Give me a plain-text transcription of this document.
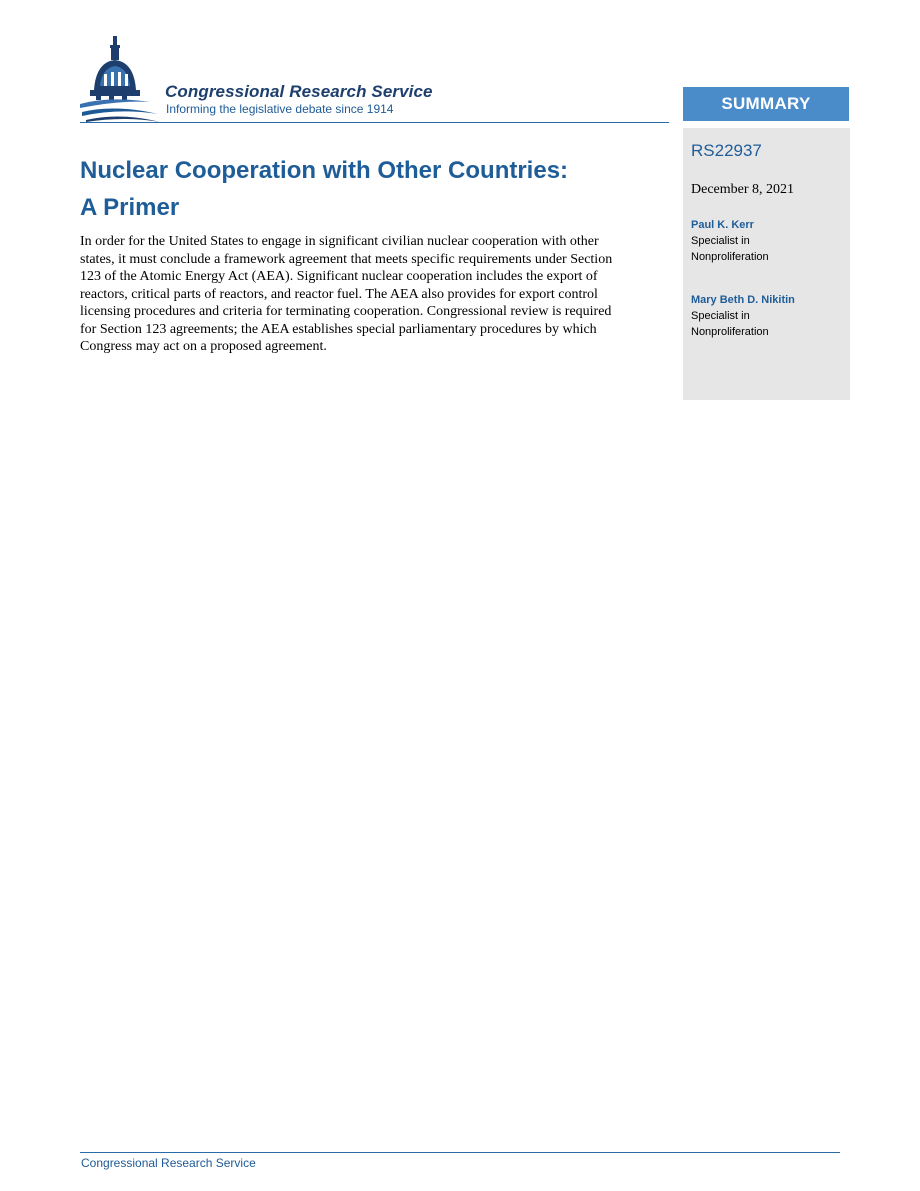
Congressional Research Service
Informing the legislative debate since 1914	SUMMARY
RS22937
December 8, 2021
Paul K. Kerr
Specialist in
Nonproliferation
Mary Beth D. Nikitin
Specialist in
Nonproliferation
Nuclear Cooperation with Other Countries:
A Primer
In order for the United States to engage in significant civilian nuclear cooperation with other
states, it must conclude a framework agreement that meets specific requirements under Section
123 of the Atomic Energy Act (AEA). Significant nuclear cooperation includes the export of
reactors, critical parts of reactors, and reactor fuel. The AEA also provides for export control
licensing procedures and criteria for terminating cooperation. Congressional review is required
for Section 123 agreements; the AEA establishes special parliamentary procedures by which
Congress may act on a proposed agreement.
Congressional Research Service
